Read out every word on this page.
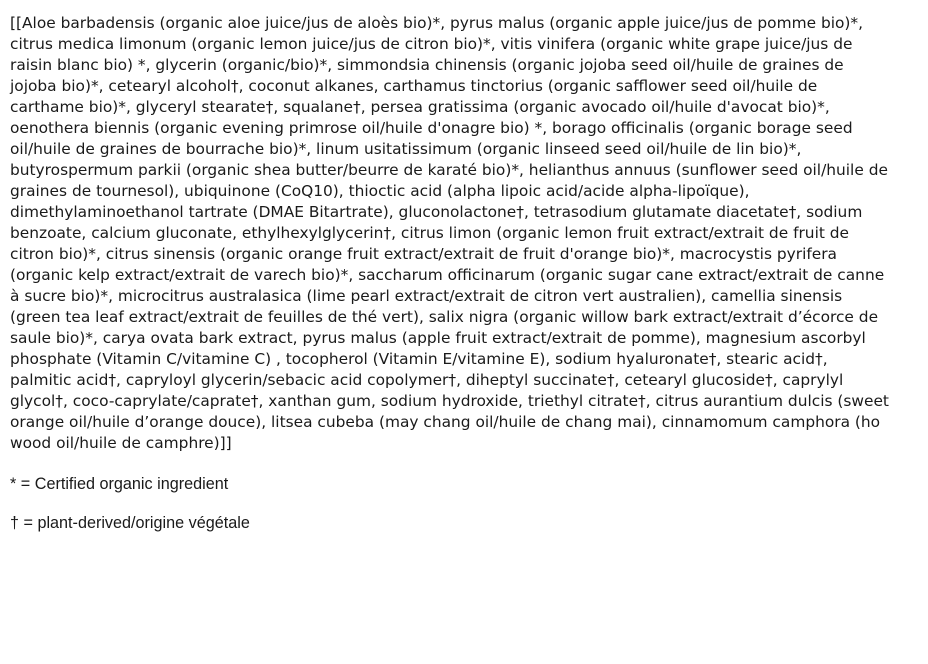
[[Aloe barbadensis (organic aloe juice/jus de aloès bio)*, pyrus malus (organic apple juice/jus de pomme bio)*, citrus medica limonum (organic lemon juice/jus de citron bio)*, vitis vinifera (organic white grape juice/jus de raisin blanc bio) *, glycerin (organic/bio)*, simmondsia chinensis (organic jojoba seed oil/huile de graines de jojoba bio)*, cetearyl alcohol†, coconut alkanes, carthamus tinctorius (organic safflower seed oil/huile de carthame bio)*, glyceryl stearate†, squalane†, persea gratissima (organic avocado oil/huile d'avocat bio)*, oenothera biennis (organic evening primrose oil/huile d'onagre bio) *, borago officinalis (organic borage seed oil/huile de graines de bourrache bio)*, linum usitatissimum (organic linseed seed oil/huile de lin bio)*, butyrospermum parkii (organic shea butter/beurre de karaté bio)*, helianthus annuus (sunflower seed oil/huile de graines de tournesol), ubiquinone (CoQ10), thioctic acid (alpha lipoic acid/acide alpha-lipoïque), dimethylaminoethanol tartrate (DMAE Bitartrate), gluconolactone†, tetrasodium glutamate diacetate†, sodium benzoate, calcium gluconate, ethylhexylglycerin†, citrus limon (organic lemon fruit extract/extrait de fruit de citron bio)*, citrus sinensis (organic orange fruit extract/extrait de fruit d'orange bio)*, macrocystis pyrifera (organic kelp extract/extrait de varech bio)*, saccharum officinarum (organic sugar cane extract/extrait de canne à sucre bio)*, microcitrus australasica (lime pearl extract/extrait de citron vert australien), camellia sinensis (green tea leaf extract/extrait de feuilles de thé vert), salix nigra (organic willow bark extract/extrait d’écorce de saule bio)*, carya ovata bark extract, pyrus malus (apple fruit extract/extrait de pomme), magnesium ascorbyl phosphate (Vitamin C/vitamine C) , tocopherol (Vitamin E/vitamine E), sodium hyaluronate†, stearic acid†, palmitic acid†, capryloyl glycerin/sebacic acid copolymer†, diheptyl succinate†, cetearyl glucoside†, caprylyl glycol†, coco-caprylate/caprate†, xanthan gum, sodium hydroxide, triethyl citrate†, citrus aurantium dulcis (sweet orange oil/huile d’orange douce), litsea cubeba (may chang oil/huile de chang mai), cinnamomum camphora (ho wood oil/huile de camphre)]]

* = Certified organic ingredient

† = plant-derived/origine végétale
